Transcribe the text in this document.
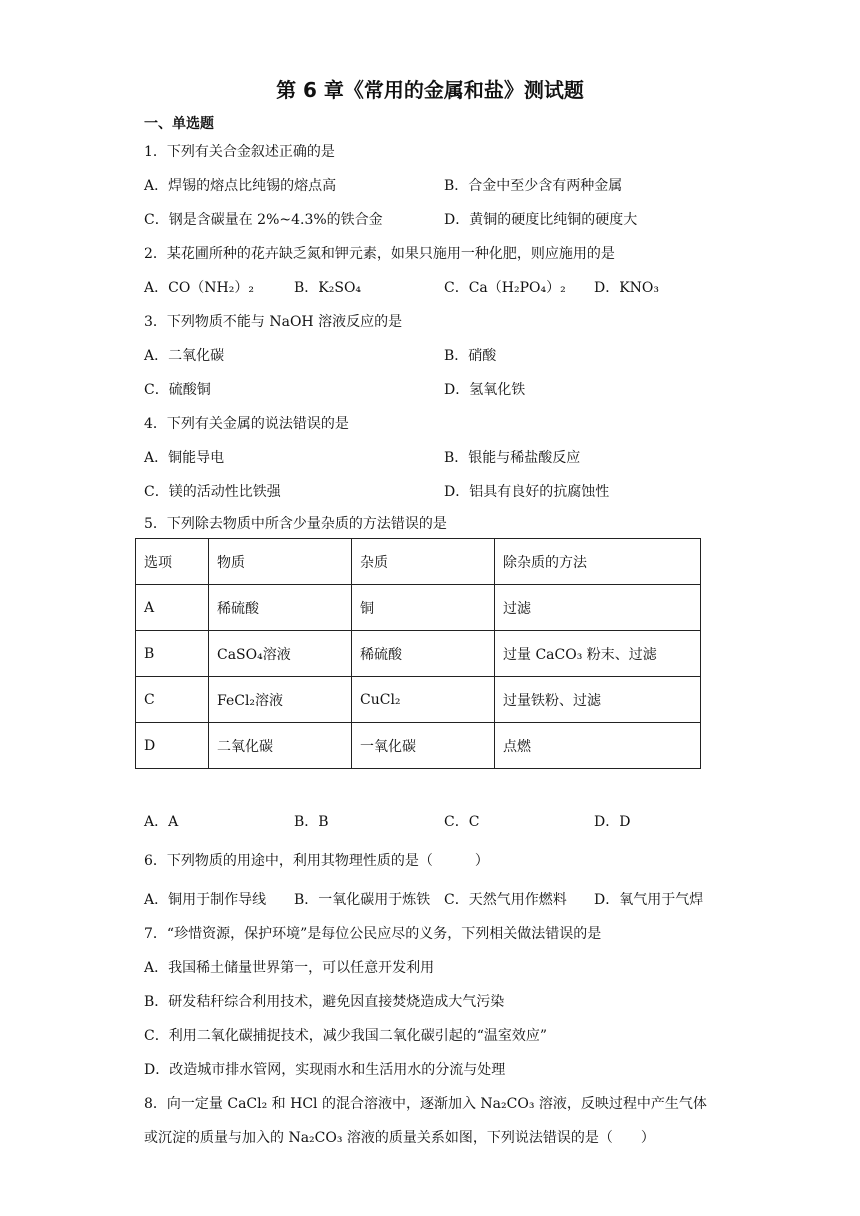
第 6 章《常用的金属和盐》测试题
一、单选题
1．下列有关合金叙述正确的是
A．焊锡的熔点比纯锡的熔点高	B．合金中至少含有两种金属
C．钢是含碳量在 2%~4.3%的铁合金	D．黄铜的硬度比纯铜的硬度大
2．某花圃所种的花卉缺乏氮和钾元素，如果只施用一种化肥，则应施用的是
A．CO（NH₂）₂	B．K₂SO₄	C．Ca（H₂PO₄）₂ D．KNO₃
3．下列物质不能与 NaOH 溶液反应的是
A．二氧化碳	B．硝酸
C．硫酸铜	D．氢氧化铁
4．下列有关金属的说法错误的是
A．铜能导电	B．银能与稀盐酸反应
C．镁的活动性比铁强	D．铝具有良好的抗腐蚀性
5．下列除去物质中所含少量杂质的方法错误的是
选项	物质	杂质	除杂质的方法
A	稀硫酸	铜	过滤
B	CaSO₄溶液	稀硫酸	过量 CaCO₃ 粉末、过滤
C	FeCl₂溶液	CuCl₂	过量铁粉、过滤
D	二氧化碳	一氧化碳	点燃
A．A	B．B	C．C	D．D
6．下列物质的用途中，利用其物理性质的是（　　　）
A．铜用于制作导线 B．一氧化碳用于炼铁 C．天然气用作燃料 D．氧气用于气焊
7．“珍惜资源，保护环境”是每位公民应尽的义务，下列相关做法错误的是
A．我国稀土储量世界第一，可以任意开发利用
B．研发秸秆综合利用技术，避免因直接焚烧造成大气污染
C．利用二氧化碳捕捉技术，减少我国二氧化碳引起的“温室效应”
D．改造城市排水管网，实现雨水和生活用水的分流与处理
8．向一定量 CaCl₂ 和 HCl 的混合溶液中，逐渐加入 Na₂CO₃ 溶液，反映过程中产生气体
或沉淀的质量与加入的 Na₂CO₃ 溶液的质量关系如图，下列说法错误的是（　　）
